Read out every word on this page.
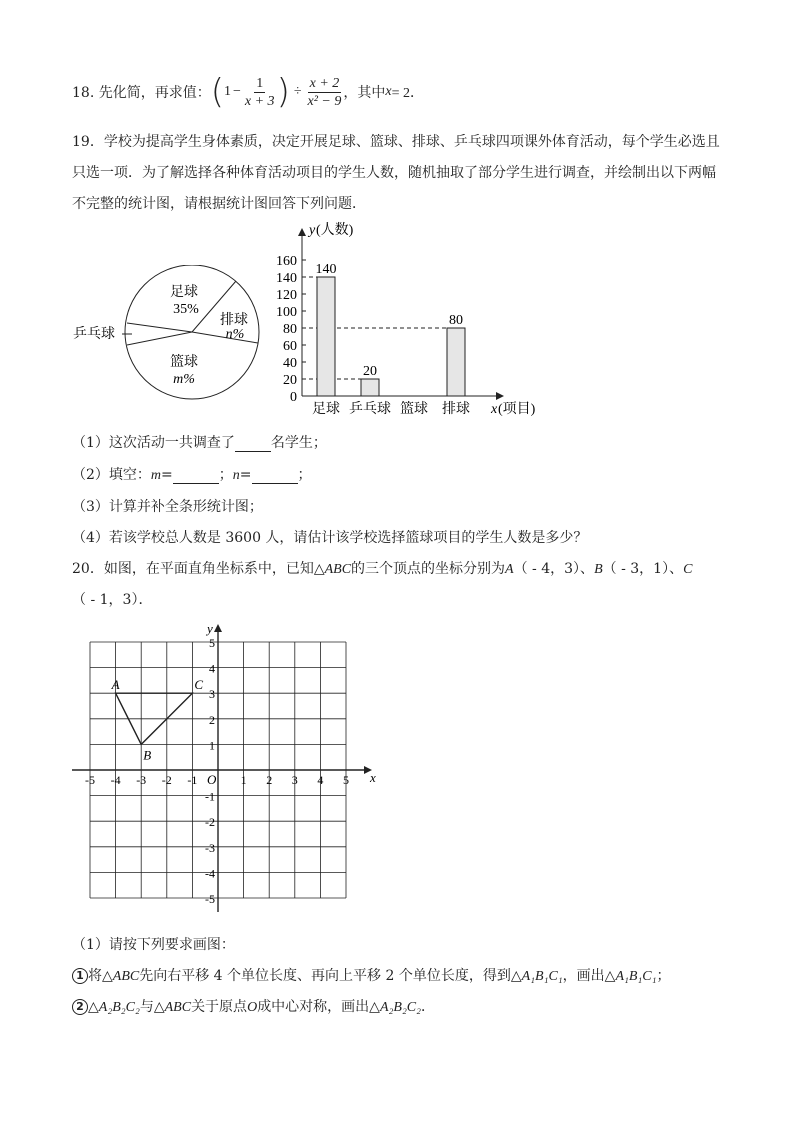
18. 先化简，再求值： ( $1 - \frac{1}{x + 3}$ ) ÷ $\frac{x + 2}{\text{x² − 9}}$ ，其中 x = 2．
19．学校为提高学生身体素质，决定开展足球、篮球、排球、乒乓球四项课外体育活动，每个学生必选且
只选一项．为了解选择各种体育活动项目的学生人数，随机抽取了部分学生进行调查，并绘制出以下两幅
不完整的统计图，请根据统计图回答下列问题．
足球
35%
排球
n%
篮球
m%
乒乓球
y (人数)
x (项目)
0
20
40
60
80
100
120
140
160
足球
140
乒乓球
20
篮球 排球
80
（1）这次活动一共调查了	名学生；
（2）填空：m=	；n=	；
（3）计算并补全条形统计图；
（4）若该学校总人数是 3600 人，请估计该学校选择篮球项目的学生人数是多少？
20．如图，在平面直角坐标系中，已知△ABC的三个顶点的坐标分别为A（ - 4，3）、B（ - 3，1）、C
（ - 1，3）．
x
y
O
-5 -4 -3 -2 -1	1 2 3 4 5
5
4
3
2
1
-1
-2
-3
-4
-5
A
B
C
（1）请按下列要求画图：
1 将△ABC先向右平移 4 个单位长度、再向上平移 2 个单位长度，得到△A₁B₁C₁，画出△A₁B₁C₁；
2 △A₂B₂C₂与△ABC关于原点O成中心对称，画出△A₂B₂C₂．
